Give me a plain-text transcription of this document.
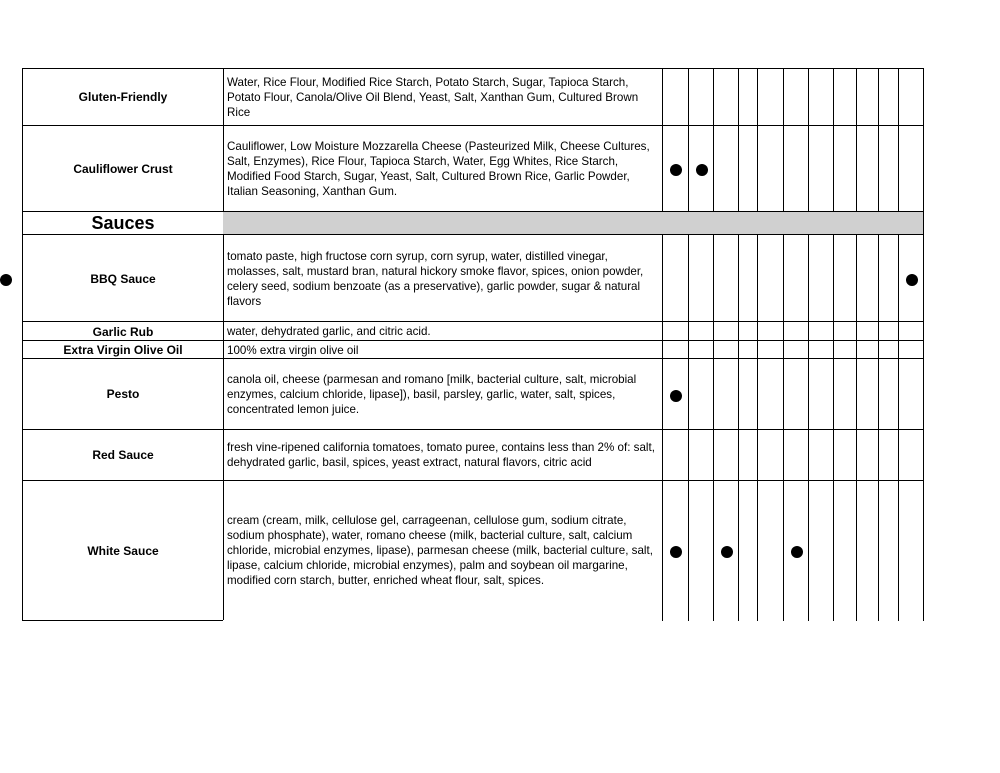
Gluten-Friendly
Water, Rice Flour, Modified Rice Starch, Potato Starch, Sugar, Tapioca Starch, Potato Flour, Canola/Olive Oil Blend, Yeast, Salt, Xanthan Gum, Cultured Brown Rice
Cauliflower Crust
Cauliflower, Low Moisture Mozzarella Cheese (Pasteurized Milk, Cheese Cultures, Salt, Enzymes), Rice Flour, Tapioca Starch, Water, Egg Whites, Rice Starch, Modified Food Starch, Sugar, Yeast, Salt, Cultured Brown Rice, Garlic Powder, Italian Seasoning, Xanthan Gum.
Sauces
BBQ Sauce
tomato paste, high fructose corn syrup, corn syrup, water, distilled vinegar, molasses, salt, mustard bran, natural hickory smoke flavor, spices, onion powder, celery seed, sodium benzoate (as a preservative), garlic powder, sugar & natural flavors
Garlic Rub	water, dehydrated garlic, and citric acid.
Extra Virgin Olive Oil	100% extra virgin olive oil
Pesto
canola oil, cheese (parmesan and romano [milk, bacterial culture, salt, microbial enzymes, calcium chloride, lipase]), basil, parsley, garlic, water, salt, spices, concentrated lemon juice.
Red Sauce
fresh vine-ripened california tomatoes, tomato puree, contains less than 2% of: salt, dehydrated garlic, basil, spices, yeast extract, natural flavors, citric acid
White Sauce
cream (cream, milk, cellulose gel, carrageenan, cellulose gum, sodium citrate, sodium phosphate), water, romano cheese (milk, bacterial culture, salt, calcium chloride, microbial enzymes, lipase), parmesan cheese (milk, bacterial culture, salt, lipase, calcium chloride, microbial enzymes), palm and soybean oil margarine, modified corn starch, butter, enriched wheat flour, salt, spices.
